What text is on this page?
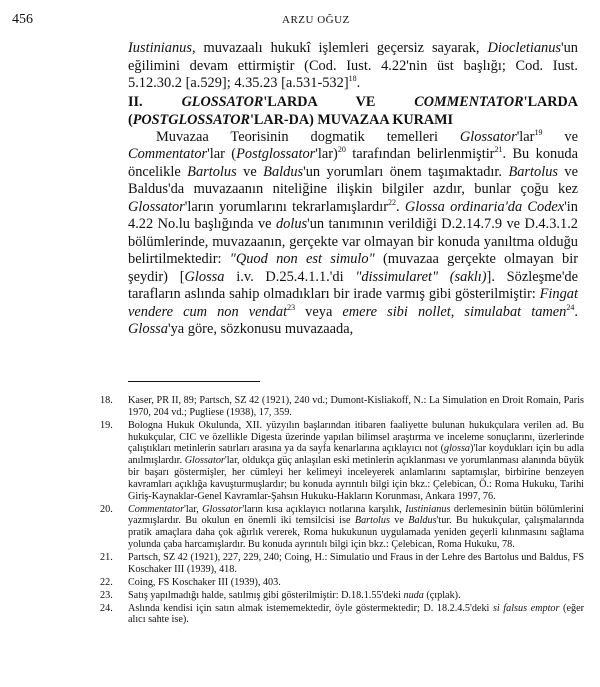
456	ARZU OĞUZ

Iustinianus, muvazaalı hukukî işlemleri geçersiz sayarak, Diocletianus'un eğilimini devam ettirmiştir (Cod. Iust. 4.22'nin üst başlığı; Cod. Iust. 5.12.30.2 [a.529]; 4.35.23 $[a.531-532]^{18}$.

II. GLOSSATOR'LARDA VE COMMENTATOR'LARDA (POSTGLOSSATOR'LAR-DA) MUVAZAA KURAMI

Muvazaa Teorisinin dogmatik temelleri Glossator'lar$^{19}$ ve Commentator'lar (Postglossator'lar)$^{20}$ tarafından belirlenmiştir$^{21}$. Bu konuda öncelikle Bartolus ve Baldus'un yorumları önem taşımaktadır. Bartolus ve Baldus'da muvazaanın niteliğine ilişkin bilgiler azdır, bunlar çoğu kez Glossator'ların yorumlarını tekrarlamışlardır$^{22}$. Glossa ordinaria'da Codex'in 4.22 No.lu başlığında ve dolus'un tanımının verildiği D.2.14.7.9 ve D.4.3.1.2 bölümlerinde, muvazaanın, gerçekte var olmayan bir konuda yanıltma olduğu belirtilmektedir: "Quod non est simulo" (muvazaa gerçekte olmayan bir şeydir) [Glossa i.v. D.25.4.1.1.'di "dissimularet" (saklı)]. Sözleşme'de tarafların aslında sahip olmadıkları bir irade varmış gibi gösterilmiştir: Fingat vendere cum non vendat$^{23}$ veya emere sibi nollet, simulabat tamen$^{24}$. Glossa'ya göre, sözkonusu muvazaada,

18. Kaser, PR II, 89; Partsch, SZ 42 (1921), 240 vd.; Dumont-Kisliakoff, N.: La Simulation en Droit Romain, Paris 1970, 204 vd.; Pugliese (1938), 17, 359.
19. Bologna Hukuk Okulunda, XII. yüzyılın başlarından itibaren faaliyette bulunan hukukçulara verilen ad. Bu hukukçular, CIC ve özellikle Digesta üzerinde yapılan bilimsel araştırma ve inceleme sonuçlarını, üzerlerinde çalıştıkları metinlerin satırları arasına ya da sayfa kenarlarına açıklayıcı not (glossa)'lar koydukları için bu adla anılmışlardır. Glossator'lar, oldukça güç anlaşılan eski metinlerin açıklanması ve yorumlanması alanında büyük bir başarı göstermişler, her cümleyi her kelimeyi inceleyerek anlamlarını saptamışlar, birbirine benzeyen kavramları açıklığa kavuşturmuşlardır; bu konuda ayrıntılı bilgi için bkz.: Çelebican, Ö.: Roma Hukuku, Tarihi Giriş-Kaynaklar-Genel Kavramlar-Şahsın Hukuku-Hakların Korunması, Ankara 1997, 76.
20. Commentator'lar, Glossator'ların kısa açıklayıcı notlarına karşılık, Iustinianus derlemesinin bütün bölümlerini yazmışlardır. Bu okulun en önemli iki temsilcisi ise Bartolus ve Baldus'tur. Bu hukukçular, çalışmalarında pratik amaçlara daha çok ağırlık vererek, Roma hukukunun uygulamada yeniden geçerli kılınmasını sağlama yolunda çaba harcamışlardır. Bu konuda ayrıntılı bilgi için bkz.: Çelebican, Roma Hukuku, 78.
21. Partsch, SZ 42 (1921), 227, 229, 240; Coing, H.: Simulatio und Fraus in der Lehre des Bartolus und Baldus, FS Koschaker III (1939), 418.
22. Coing, FS Koschaker III (1939), 403.
23. Satış yapılmadığı halde, satılmış gibi gösterilmiştir: D.18.1.55'deki nuda (çıplak).
24. Aslında kendisi için satın almak istememektedir, öyle göstermektedir; D. 18.2.4.5'deki si falsus emptor (eğer alıcı sahte ise).
